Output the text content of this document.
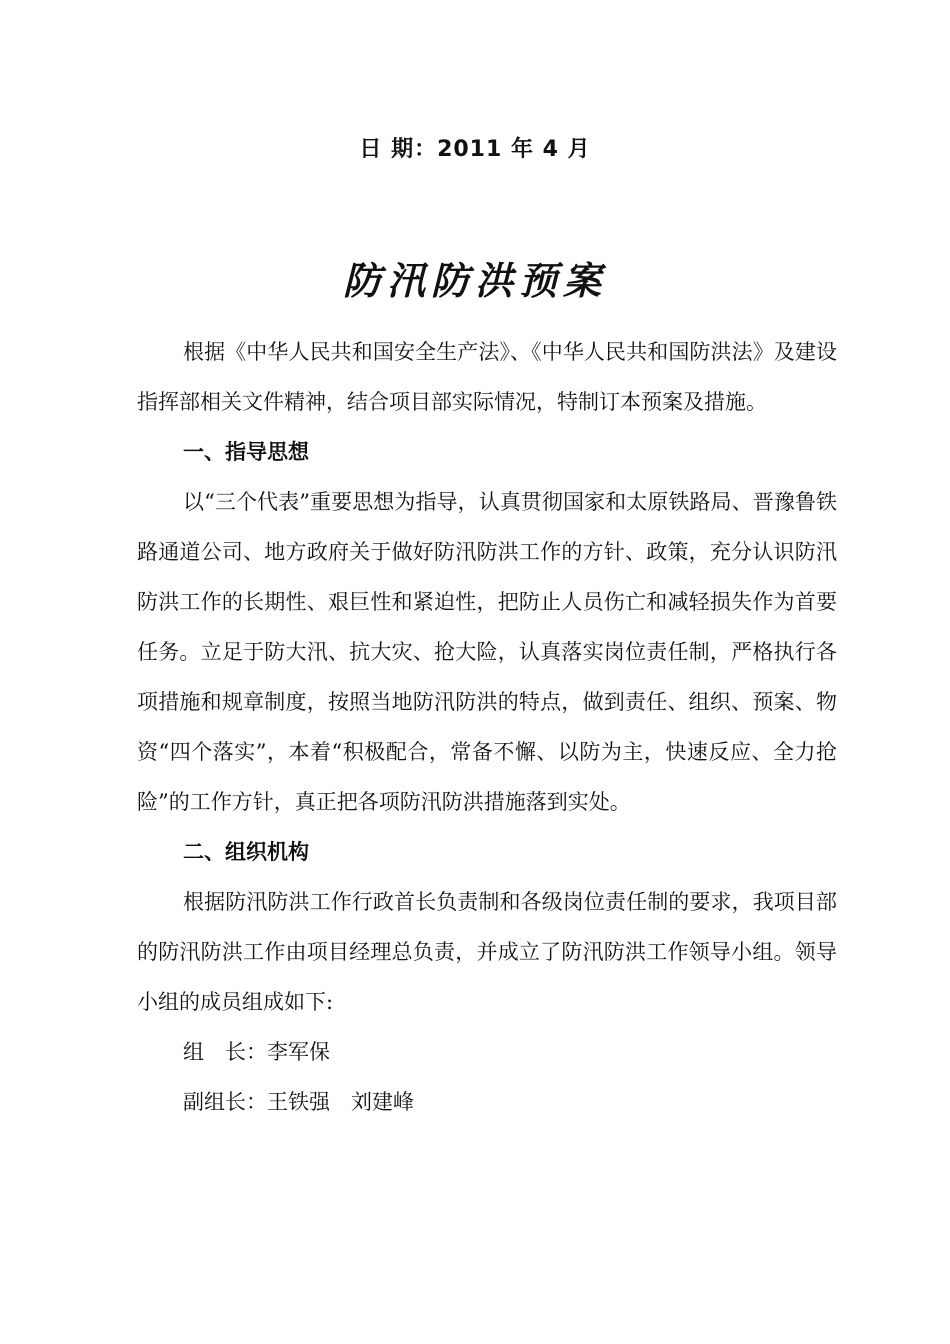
日 期：2011 年 4 月
防汛防洪预案

根据《中华人民共和国安全生产法》、《中华人民共和国防洪法》及建设指挥部相关文件精神，结合项目部实际情况，特制订本预案及措施。

一、指导思想

以“三个代表”重要思想为指导，认真贯彻国家和太原铁路局、晋豫鲁铁路通道公司、地方政府关于做好防汛防洪工作的方针、政策，充分认识防汛防洪工作的长期性、艰巨性和紧迫性，把防止人员伤亡和减轻损失作为首要任务。立足于防大汛、抗大灾、抢大险，认真落实岗位责任制，严格执行各项措施和规章制度，按照当地防汛防洪的特点，做到责任、组织、预案、物资“四个落实”，本着“积极配合，常备不懈、以防为主，快速反应、全力抢险”的工作方针，真正把各项防汛防洪措施落到实处。

二、组织机构

根据防汛防洪工作行政首长负责制和各级岗位责任制的要求，我项目部的防汛防洪工作由项目经理总负责，并成立了防汛防洪工作领导小组。领导小组的成员组成如下:

组　长：李军保

副组长：王铁强　刘建峰
